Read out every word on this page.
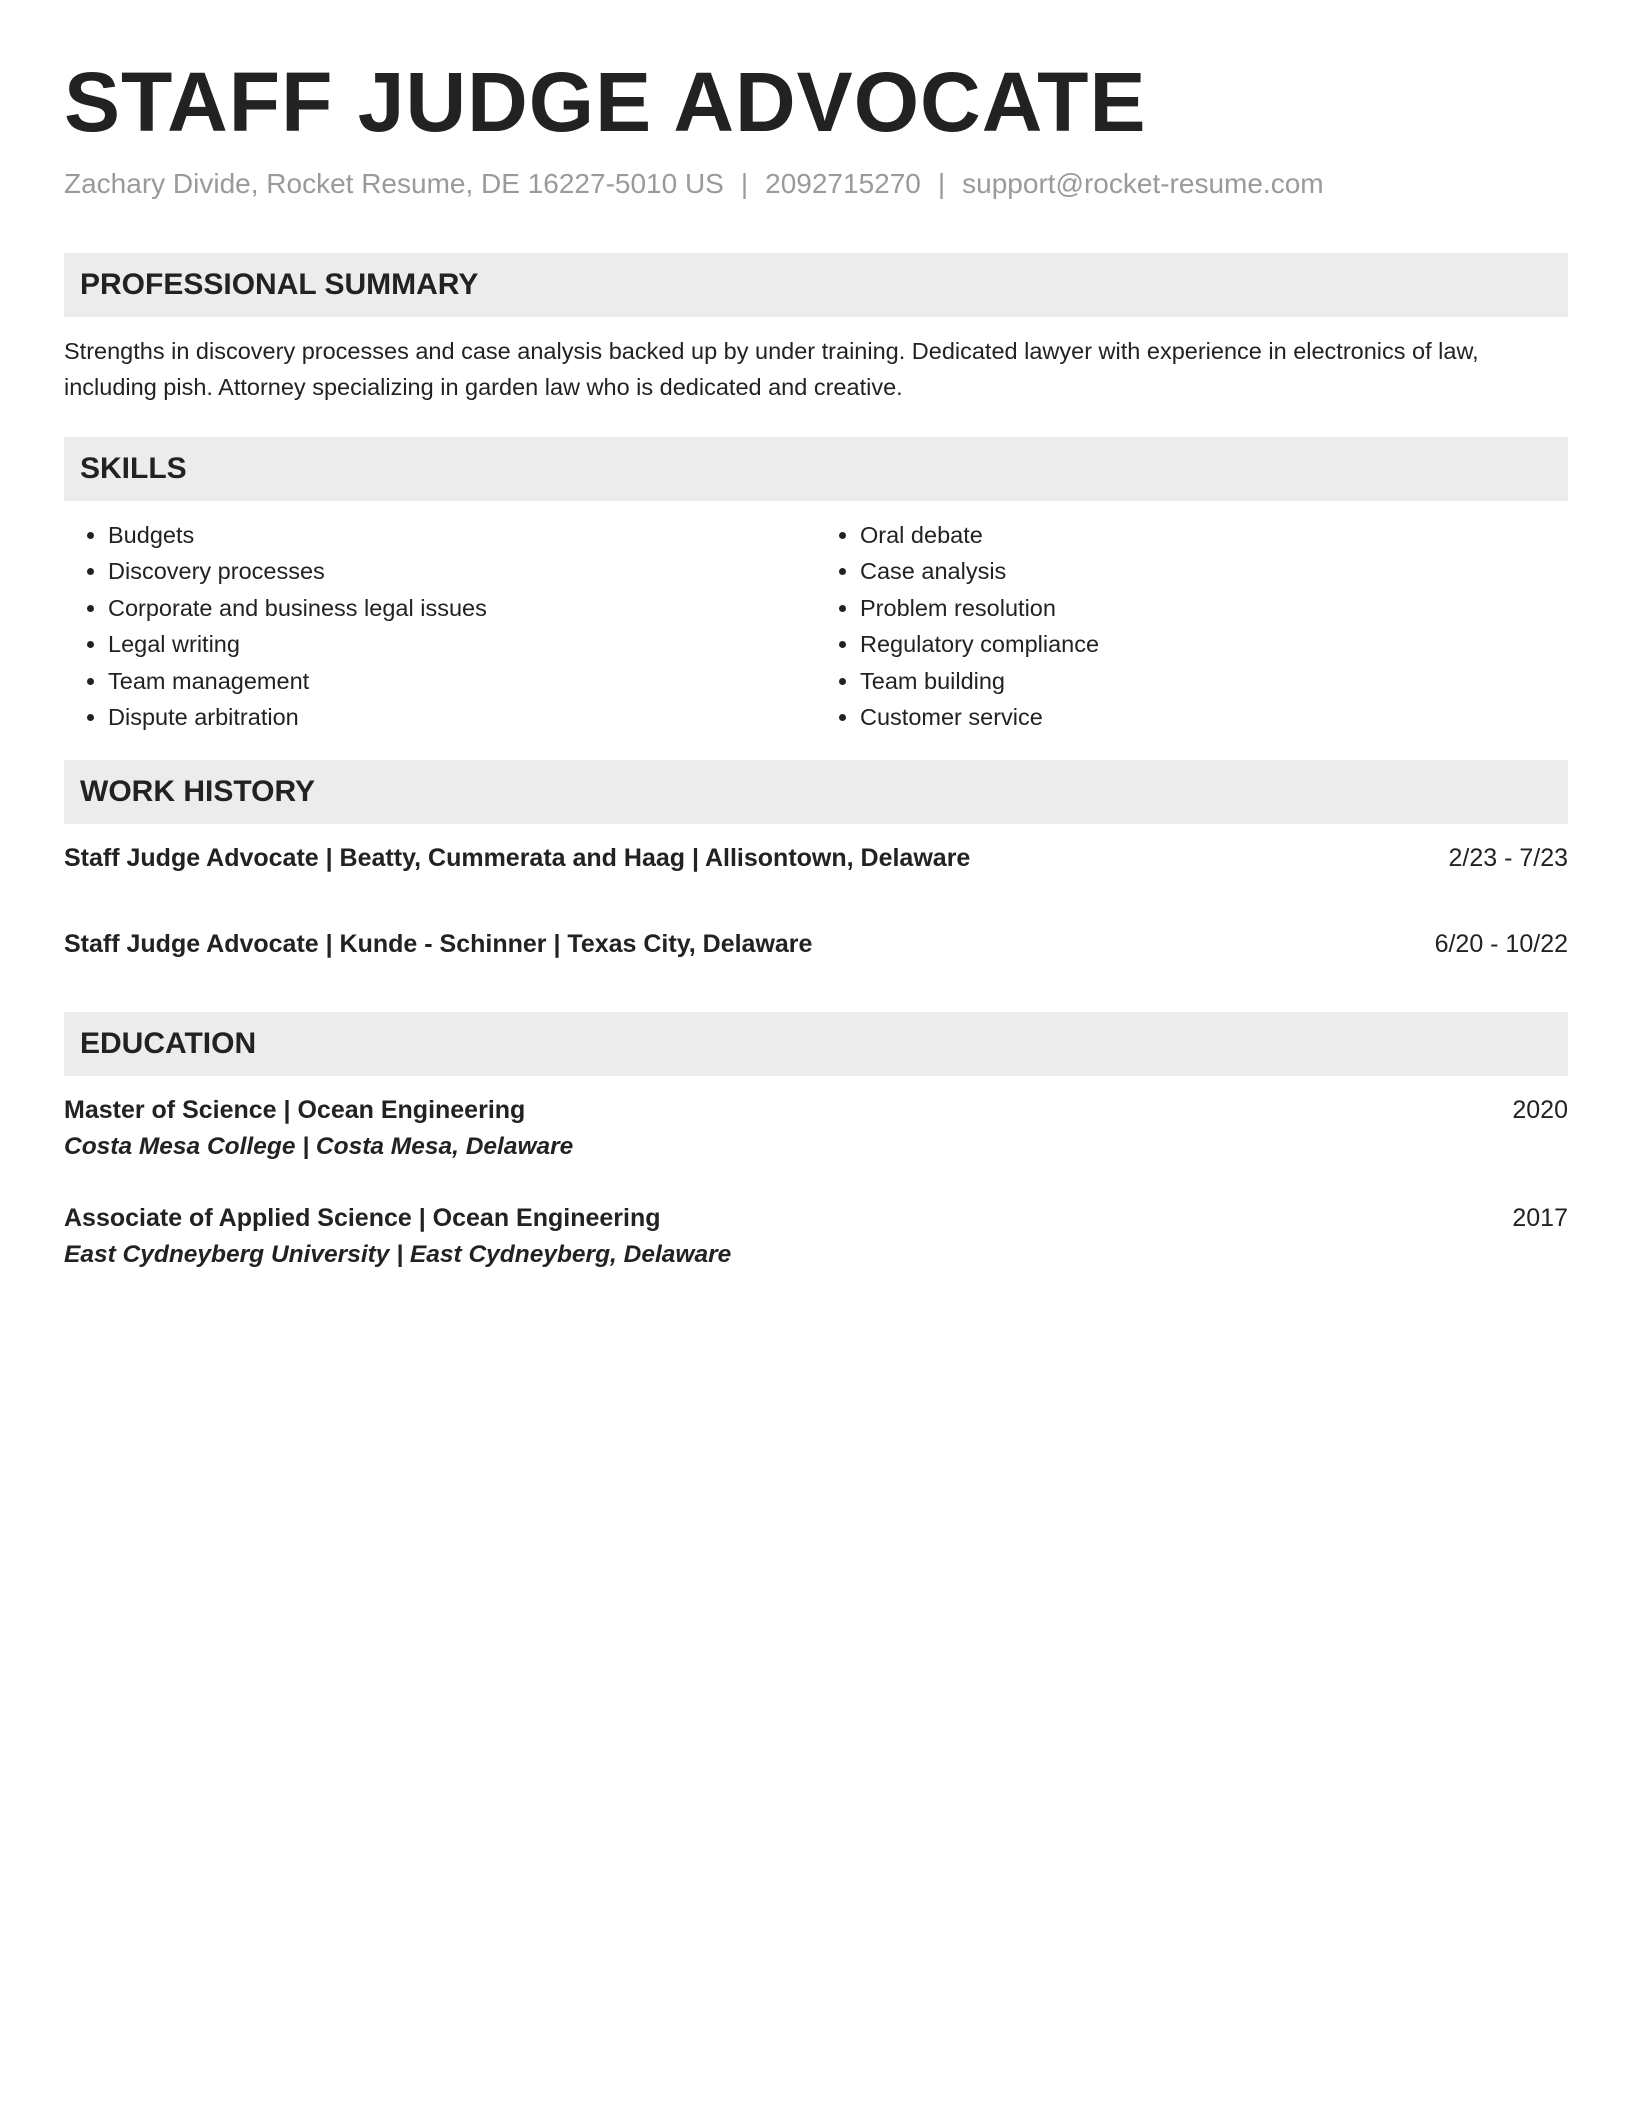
STAFF JUDGE ADVOCATE
Zachary Divide, Rocket Resume, DE 16227-5010 US | 2092715270 | support@rocket-resume.com
PROFESSIONAL SUMMARY
Strengths in discovery processes and case analysis backed up by under training. Dedicated lawyer with experience in electronics of law, including pish. Attorney specializing in garden law who is dedicated and creative.
SKILLS
• Budgets
• Discovery processes
• Corporate and business legal issues
• Legal writing
• Team management
• Dispute arbitration
• Oral debate
• Case analysis
• Problem resolution
• Regulatory compliance
• Team building
• Customer service
WORK HISTORY
Staff Judge Advocate | Beatty, Cummerata and Haag | Allisontown, Delaware	2/23 - 7/23
Staff Judge Advocate | Kunde - Schinner | Texas City, Delaware	6/20 - 10/22
EDUCATION
Master of Science | Ocean Engineering	2020
Costa Mesa College | Costa Mesa, Delaware
Associate of Applied Science | Ocean Engineering	2017
East Cydneyberg University | East Cydneyberg, Delaware
